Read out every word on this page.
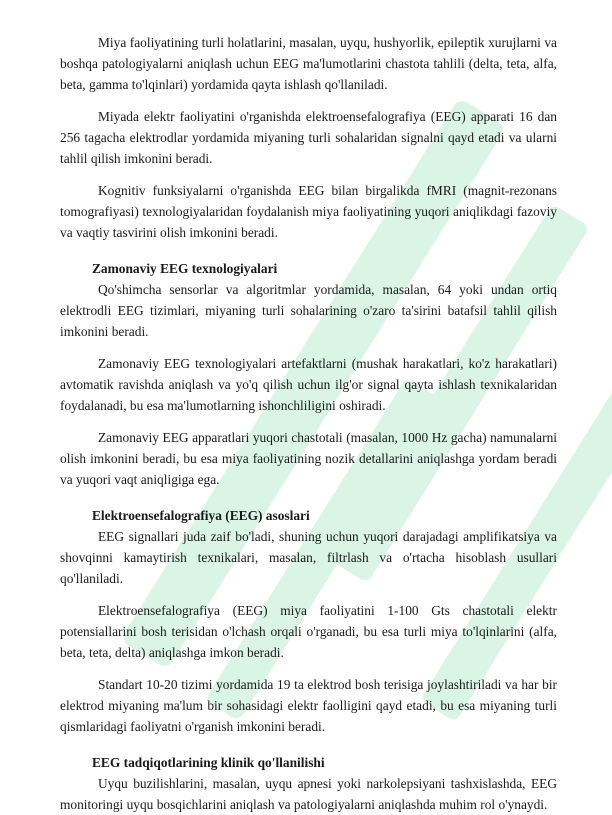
Miya faoliyatining turli holatlarini, masalan, uyqu, hushyorlik, epileptik xurujlarni va boshqa patologiyalarni aniqlash uchun EEG ma'lumotlarini chastota tahlili (delta, teta, alfa, beta, gamma to'lqinlari) yordamida qayta ishlash qo'llaniladi.

Miyada elektr faoliyatini o'rganishda elektroensefalografiya (EEG) apparati 16 dan 256 tagacha elektrodlar yordamida miyaning turli sohalaridan signalni qayd etadi va ularni tahlil qilish imkonini beradi.

Kognitiv funksiyalarni o'rganishda EEG bilan birgalikda fMRI (magnit-rezonans tomografiyasi) texnologiyalaridan foydalanish miya faoliyatining yuqori aniqlikdagi fazoviy va vaqtiy tasvirini olish imkonini beradi.

Zamonaviy EEG texnologiyalari

Qo'shimcha sensorlar va algoritmlar yordamida, masalan, 64 yoki undan ortiq elektrodli EEG tizimlari, miyaning turli sohalarining o'zaro ta'sirini batafsil tahlil qilish imkonini beradi.

Zamonaviy EEG texnologiyalari artefaktlarni (mushak harakatlari, ko'z harakatlari) avtomatik ravishda aniqlash va yo'q qilish uchun ilg'or signal qayta ishlash texnikalaridan foydalanadi, bu esa ma'lumotlarning ishonchliligini oshiradi.

Zamonaviy EEG apparatlari yuqori chastotali (masalan, 1000 Hz gacha) namunalarni olish imkonini beradi, bu esa miya faoliyatining nozik detallarini aniqlashga yordam beradi va yuqori vaqt aniqligiga ega.

Elektroensefalografiya (EEG) asoslari

EEG signallari juda zaif bo'ladi, shuning uchun yuqori darajadagi amplifikatsiya va shovqinni kamaytirish texnikalari, masalan, filtrlash va o'rtacha hisoblash usullari qo'llaniladi.

Elektroensefalografiya (EEG) miya faoliyatini 1-100 Gts chastotali elektr potensiallarini bosh terisidan o'lchash orqali o'rganadi, bu esa turli miya to'lqinlarini (alfa, beta, teta, delta) aniqlashga imkon beradi.

Standart 10-20 tizimi yordamida 19 ta elektrod bosh terisiga joylashtiriladi va har bir elektrod miyaning ma'lum bir sohasidagi elektr faolligini qayd etadi, bu esa miyaning turli qismlaridagi faoliyatni o'rganish imkonini beradi.

EEG tadqiqotlarining klinik qo'llanilishi

Uyqu buzilishlarini, masalan, uyqu apnesi yoki narkolepsiyani tashxislashda, EEG monitoringi uyqu bosqichlarini aniqlash va patologiyalarni aniqlashda muhim rol o'ynaydi.
